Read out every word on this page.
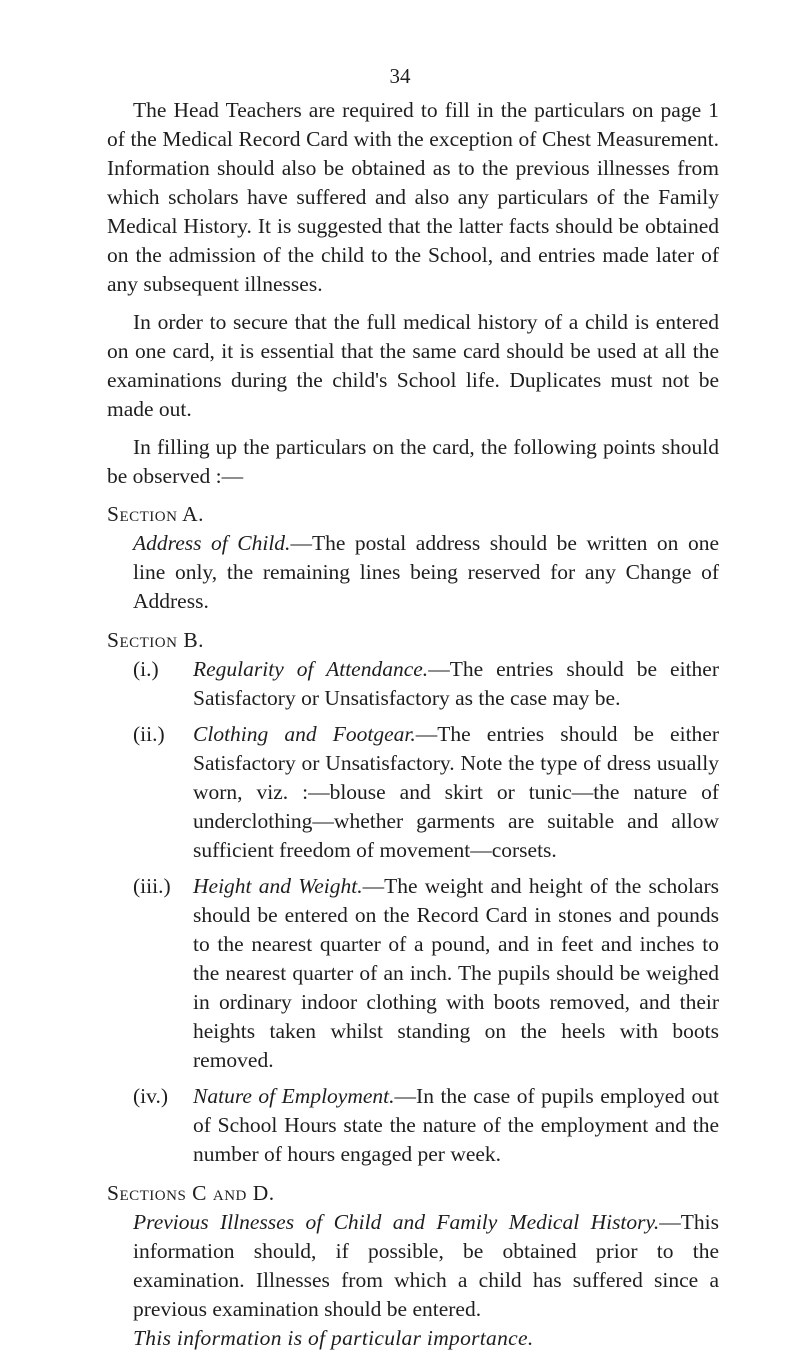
34

The Head Teachers are required to fill in the particulars on page 1 of the Medical Record Card with the exception of Chest Measurement. Information should also be obtained as to the previous illnesses from which scholars have suffered and also any particulars of the Family Medical History. It is suggested that the latter facts should be obtained on the admission of the child to the School, and entries made later of any subsequent illnesses.

In order to secure that the full medical history of a child is entered on one card, it is essential that the same card should be used at all the examinations during the child's School life. Duplicates must not be made out.

In filling up the particulars on the card, the following points should be observed :—

Section A.

Address of Child.—The postal address should be written on one line only, the remaining lines being reserved for any Change of Address.

Section B.

(i.) Regularity of Attendance.—The entries should be either Satisfactory or Unsatisfactory as the case may be.

(ii.) Clothing and Footgear.—The entries should be either Satisfactory or Unsatisfactory. Note the type of dress usually worn, viz. :—blouse and skirt or tunic—the nature of underclothing—whether garments are suitable and allow sufficient freedom of movement—corsets.

(iii.) Height and Weight.—The weight and height of the scholars should be entered on the Record Card in stones and pounds to the nearest quarter of a pound, and in feet and inches to the nearest quarter of an inch. The pupils should be weighed in ordinary indoor clothing with boots removed, and their heights taken whilst standing on the heels with boots removed.

(iv.) Nature of Employment.—In the case of pupils employed out of School Hours state the nature of the employment and the number of hours engaged per week.

Sections C and D.

Previous Illnesses of Child and Family Medical History.—This information should, if possible, be obtained prior to the examination. Illnesses from which a child has suffered since a previous examination should be entered.

This information is of particular importance.
